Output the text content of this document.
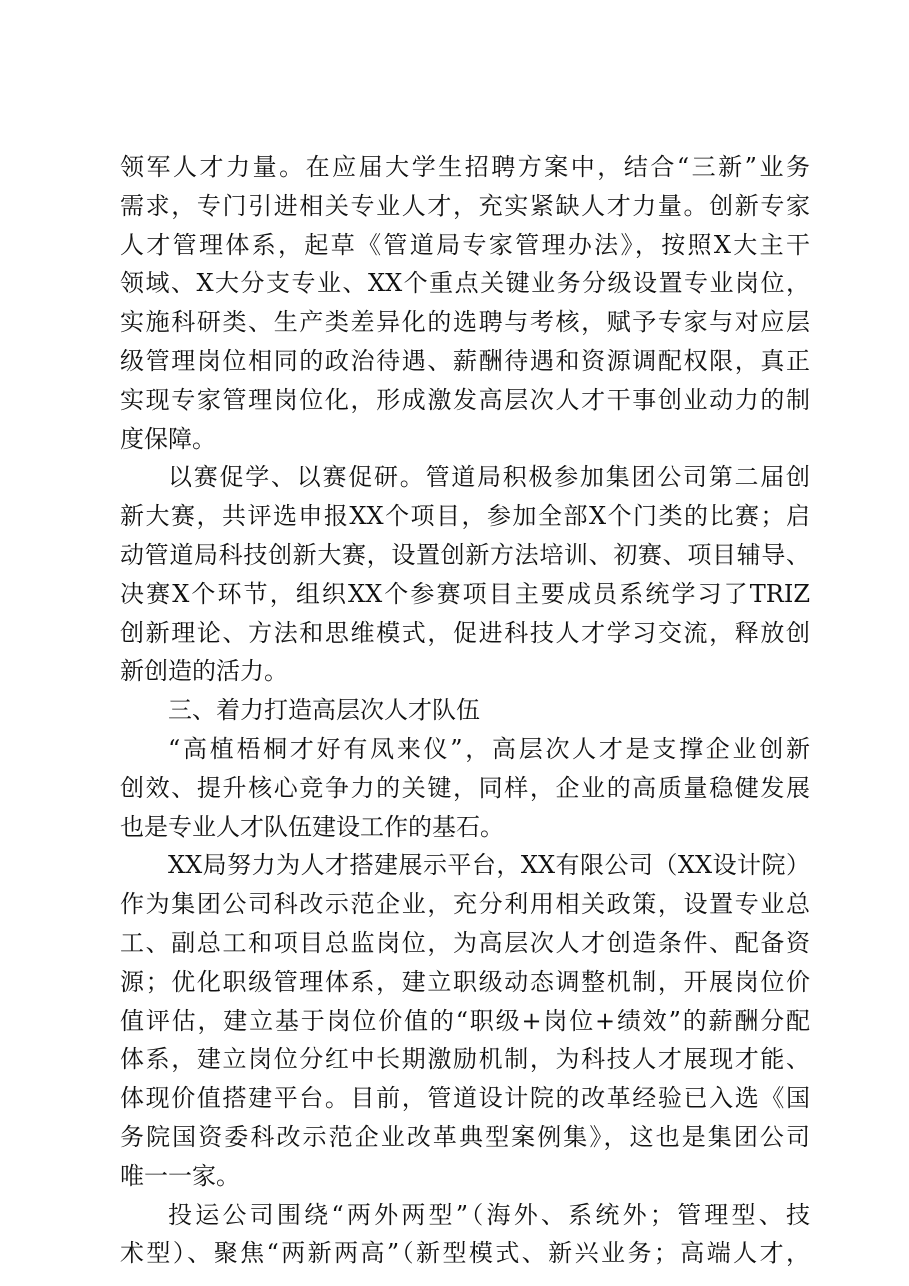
领军人才力量。在应届大学生招聘方案中，结合“三新”业务
需求，专门引进相关专业人才，充实紧缺人才力量。创新专家
人才管理体系，起草《管道局专家管理办法》，按照X大主干
领域、X大分支专业、XX个重点关键业务分级设置专业岗位，
实施科研类、生产类差异化的选聘与考核，赋予专家与对应层
级管理岗位相同的政治待遇、薪酬待遇和资源调配权限，真正
实现专家管理岗位化，形成激发高层次人才干事创业动力的制
度保障。
以赛促学、以赛促研。管道局积极参加集团公司第二届创
新大赛，共评选申报XX个项目，参加全部X个门类的比赛；启
动管道局科技创新大赛，设置创新方法培训、初赛、项目辅导、
决赛X个环节，组织XX个参赛项目主要成员系统学习了TRIZ
创新理论、方法和思维模式，促进科技人才学习交流，释放创
新创造的活力。
三、着力打造高层次人才队伍
“高植梧桐才好有凤来仪”，高层次人才是支撑企业创新
创效、提升核心竞争力的关键，同样，企业的高质量稳健发展
也是专业人才队伍建设工作的基石。
XX局努力为人才搭建展示平台，XX有限公司（XX设计院）
作为集团公司科改示范企业，充分利用相关政策，设置专业总
工、副总工和项目总监岗位，为高层次人才创造条件、配备资
源；优化职级管理体系，建立职级动态调整机制，开展岗位价
值评估，建立基于岗位价值的“职级+岗位+绩效”的薪酬分配
体系，建立岗位分红中长期激励机制，为科技人才展现才能、
体现价值搭建平台。目前，管道设计院的改革经验已入选《国
务院国资委科改示范企业改革典型案例集》，这也是集团公司
唯一一家。
投运公司围绕“两外两型”（海外、系统外；管理型、技
术型）、聚焦“两新两高”（新型模式、新兴业务；高端人才，
